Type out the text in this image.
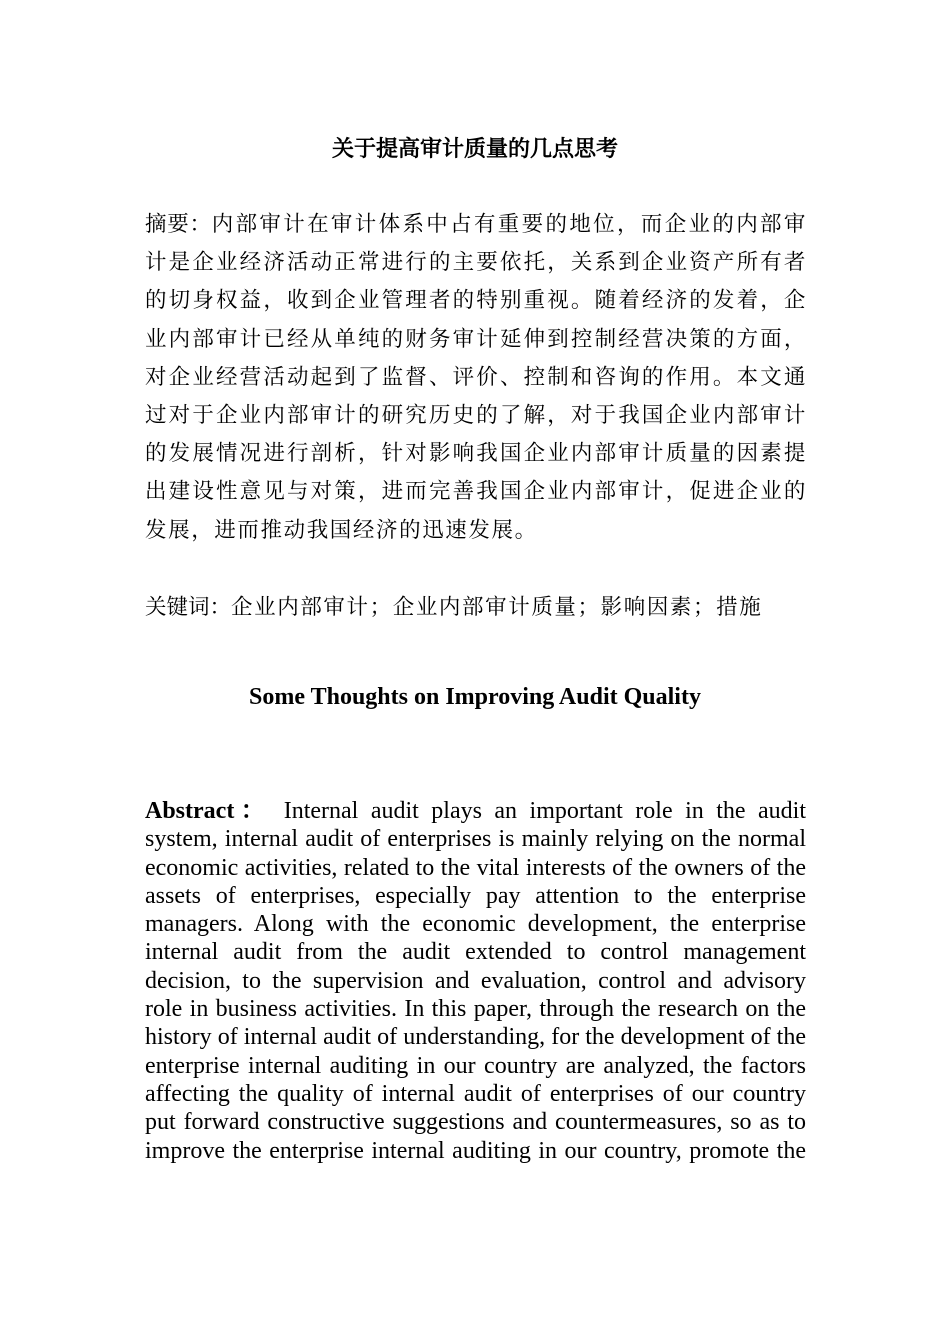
关于提高审计质量的几点思考

摘要：内部审计在审计体系中占有重要的地位，而企业的内部审计是企业经济活动正常进行的主要依托，关系到企业资产所有者的切身权益，收到企业管理者的特别重视。随着经济的发着，企业内部审计已经从单纯的财务审计延伸到控制经营决策的方面，对企业经营活动起到了监督、评价、控制和咨询的作用。本文通过对于企业内部审计的研究历史的了解，对于我国企业内部审计的发展情况进行剖析，针对影响我国企业内部审计质量的因素提出建设性意见与对策，进而完善我国企业内部审计，促进企业的发展，进而推动我国经济的迅速发展。

关键词：企业内部审计；企业内部审计质量；影响因素；措施

Some Thoughts on Improving Audit Quality

Abstract： Internal audit plays an important role in the audit system, internal audit of enterprises is mainly relying on the normal economic activities, related to the vital interests of the owners of the assets of enterprises, especially pay attention to the enterprise managers. Along with the economic development, the enterprise internal audit from the audit extended to control management decision, to the supervision and evaluation, control and advisory role in business activities. In this paper, through the research on the history of internal audit of understanding, for the development of the enterprise internal auditing in our country are analyzed, the factors affecting the quality of internal audit of enterprises of our country put forward constructive suggestions and countermeasures, so as to improve the enterprise internal auditing in our country, promote the
